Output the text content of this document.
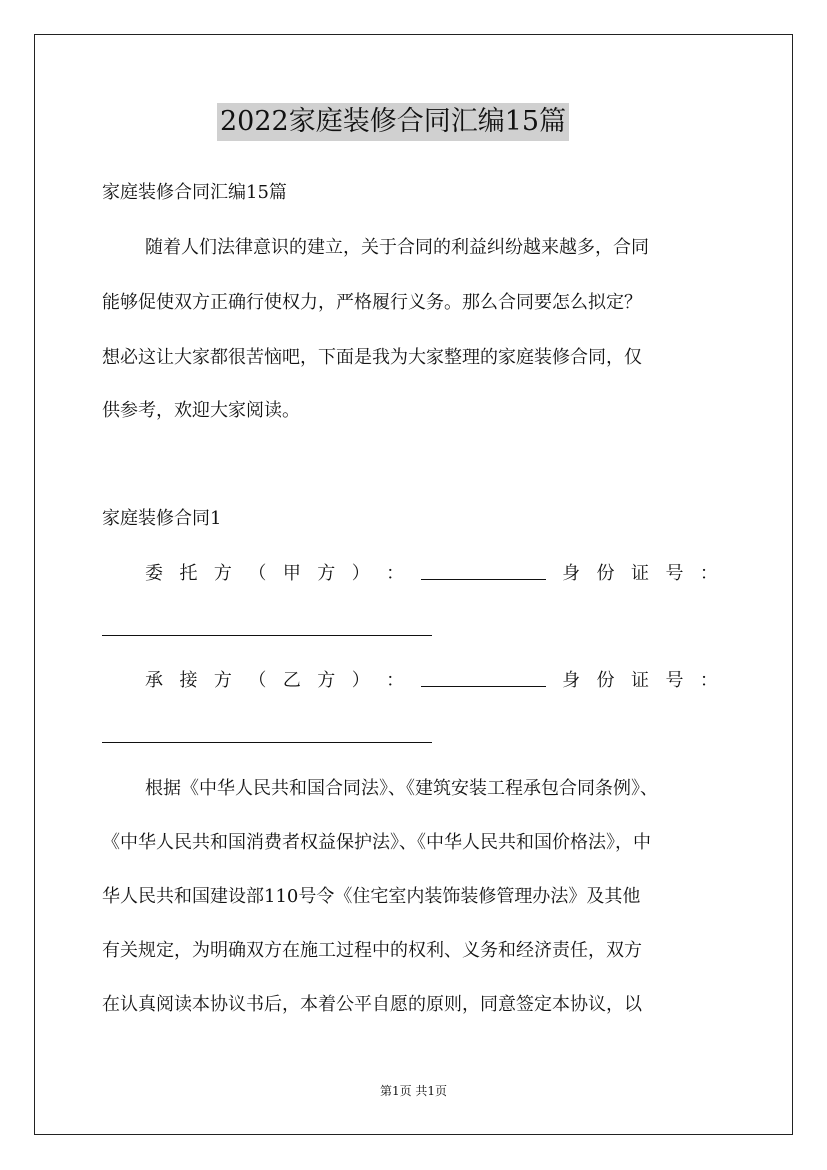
2022家庭装修合同汇编15篇
家庭装修合同汇编15篇
随着人们法律意识的建立，关于合同的利益纠纷越来越多，合同
能够促使双方正确行使权力，严格履行义务。那么合同要怎么拟定？
想必这让大家都很苦恼吧，下面是我为大家整理的家庭装修合同，仅
供参考，欢迎大家阅读。
家庭装修合同1
委 托 方 （ 甲 方 ） ：	身 份 证 号 ：
承 接 方 （ 乙 方 ） ：	身 份 证 号 ：
根据《中华人民共和国合同法》、《建筑安装工程承包合同条例》、
《中华人民共和国消费者权益保护法》、《中华人民共和国价格法》，中
华人民共和国建设部110号令《住宅室内装饰装修管理办法》及其他
有关规定，为明确双方在施工过程中的权利、义务和经济责任，双方
在认真阅读本协议书后，本着公平自愿的原则，同意签定本协议，以
第1页 共1页
